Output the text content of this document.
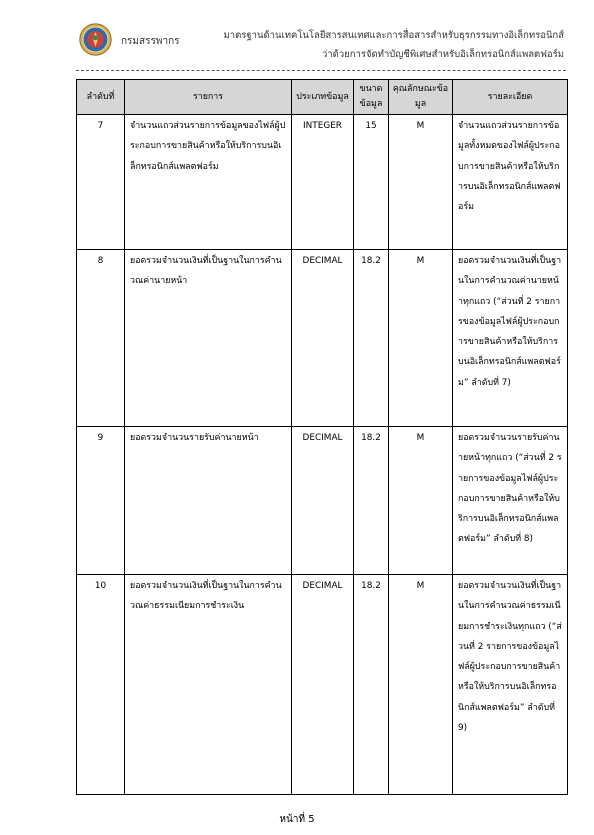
กรมสรรพากร
มาตรฐานด้านเทคโนโลยีสารสนเทศและการสื่อสารสำหรับธุรกรรมทางอิเล็กทรอนิกส์
ว่าด้วยการจัดทำบัญชีพิเศษสำหรับอิเล็กทรอนิกส์แพลตฟอร์ม
ลำดับที่	รายการ	ประเภทข้อมูล	ขนาดข้อมูล	คุณลักษณะข้อมูล	รายละเอียด
7	จำนวนแถวส่วนรายการข้อมูลของไฟล์ผู้ประกอบการขายสินค้าหรือให้บริการบนอิเล็กทรอนิกส์แพลตฟอร์ม	INTEGER	15	M	จำนวนแถวส่วนรายการข้อมูลทั้งหมดของไฟล์ผู้ประกอบการขายสินค้าหรือให้บริการบนอิเล็กทรอนิกส์แพลตฟอร์ม
8	ยอดรวมจำนวนเงินที่เป็นฐานในการคำนวณค่านายหน้า	DECIMAL	18.2	M	ยอดรวมจำนวนเงินที่เป็นฐานในการคำนวณค่านายหน้าทุกแถว (“ส่วนที่ 2 รายการของข้อมูลไฟล์ผู้ประกอบการขายสินค้าหรือให้บริการบนอิเล็กทรอนิกส์แพลตฟอร์ม” ลำดับที่ 7)
9	ยอดรวมจำนวนรายรับค่านายหน้า	DECIMAL	18.2	M	ยอดรวมจำนวนรายรับค่านายหน้าทุกแถว (“ส่วนที่ 2 รายการของข้อมูลไฟล์ผู้ประกอบการขายสินค้าหรือให้บริการบนอิเล็กทรอนิกส์แพลตฟอร์ม” ลำดับที่ 8)
10	ยอดรวมจำนวนเงินที่เป็นฐานในการคำนวณค่าธรรมเนียมการชำระเงิน	DECIMAL	18.2	M	ยอดรวมจำนวนเงินที่เป็นฐานในการคำนวณค่าธรรมเนียมการชำระเงินทุกแถว (“ส่วนที่ 2 รายการของข้อมูลไฟล์ผู้ประกอบการขายสินค้าหรือให้บริการบนอิเล็กทรอนิกส์แพลตฟอร์ม” ลำดับที่ 9)
หน้าที่ 5
